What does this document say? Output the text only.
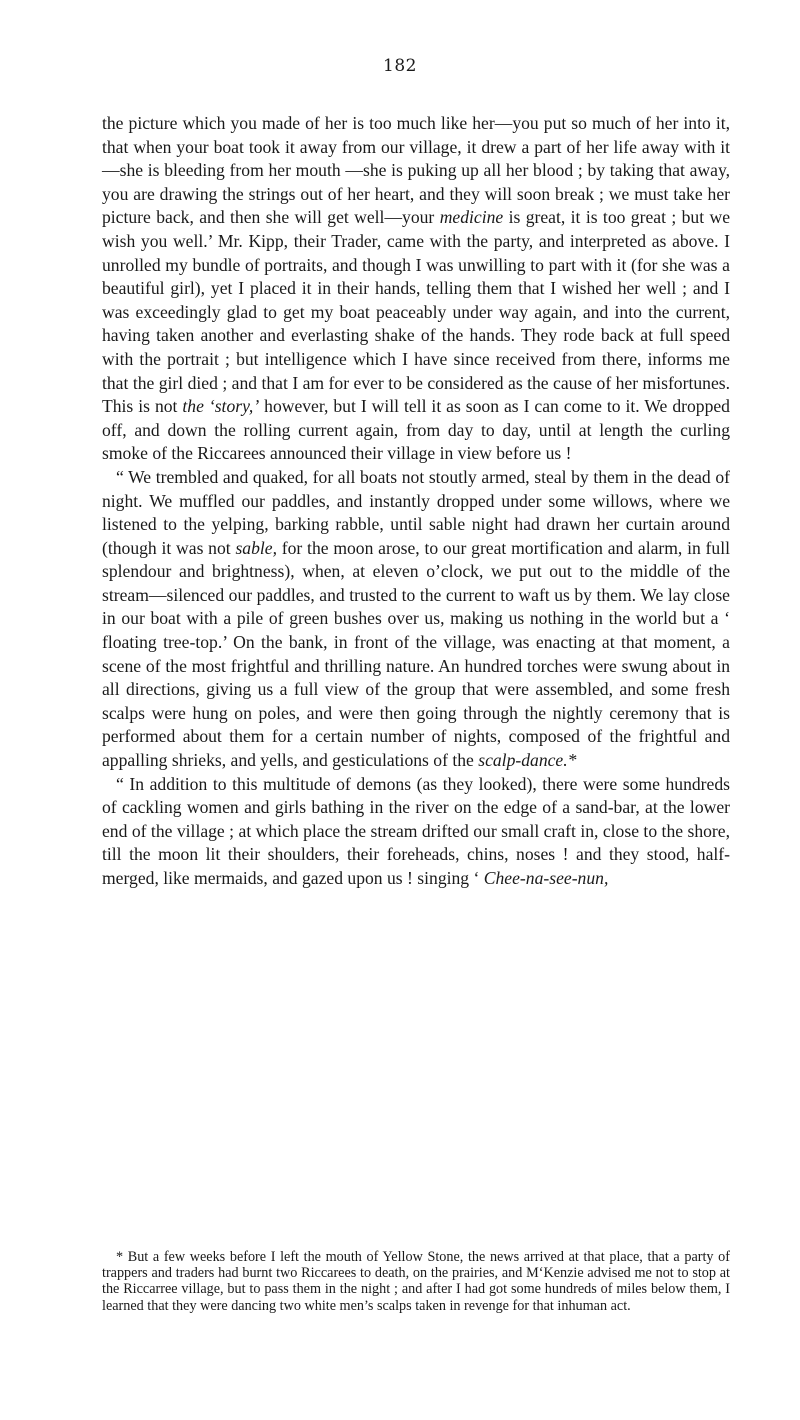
182

the picture which you made of her is too much like her—you put so much of her into it, that when your boat took it away from our village, it drew a part of her life away with it—she is bleeding from her mouth —she is puking up all her blood ; by taking that away, you are drawing the strings out of her heart, and they will soon break ; we must take her picture back, and then she will get well—your medicine is great, it is too great ; but we wish you well.’ Mr. Kipp, their Trader, came with the party, and interpreted as above. I unrolled my bundle of portraits, and though I was unwilling to part with it (for she was a beautiful girl), yet I placed it in their hands, telling them that I wished her well ; and I was exceedingly glad to get my boat peaceably under way again, and into the current, having taken another and everlasting shake of the hands. They rode back at full speed with the portrait ; but intelligence which I have since received from there, informs me that the girl died ; and that I am for ever to be considered as the cause of her misfortunes. This is not the ‘story,’ however, but I will tell it as soon as I can come to it. We dropped off, and down the rolling current again, from day to day, until at length the curling smoke of the Riccarees announced their village in view before us !

“ We trembled and quaked, for all boats not stoutly armed, steal by them in the dead of night. We muffled our paddles, and instantly dropped under some willows, where we listened to the yelping, barking rabble, until sable night had drawn her curtain around (though it was not sable, for the moon arose, to our great mortification and alarm, in full splendour and brightness), when, at eleven o’clock, we put out to the middle of the stream—silenced our paddles, and trusted to the current to waft us by them. We lay close in our boat with a pile of green bushes over us, making us nothing in the world but a ‘ floating tree-top.’ On the bank, in front of the village, was enacting at that moment, a scene of the most frightful and thrilling nature. An hundred torches were swung about in all directions, giving us a full view of the group that were assembled, and some fresh scalps were hung on poles, and were then going through the nightly ceremony that is performed about them for a certain number of nights, composed of the frightful and appalling shrieks, and yells, and gesticulations of the scalp-dance.*

“ In addition to this multitude of demons (as they looked), there were some hundreds of cackling women and girls bathing in the river on the edge of a sand-bar, at the lower end of the village ; at which place the stream drifted our small craft in, close to the shore, till the moon lit their shoulders, their foreheads, chins, noses ! and they stood, half-merged, like mermaids, and gazed upon us ! singing ‘ Chee-na-see-nun,

* But a few weeks before I left the mouth of Yellow Stone, the news arrived at that place, that a party of trappers and traders had burnt two Riccarees to death, on the prairies, and M‘Kenzie advised me not to stop at the Riccarree village, but to pass them in the night ; and after I had got some hundreds of miles below them, I learned that they were dancing two white men’s scalps taken in revenge for that inhuman act.
